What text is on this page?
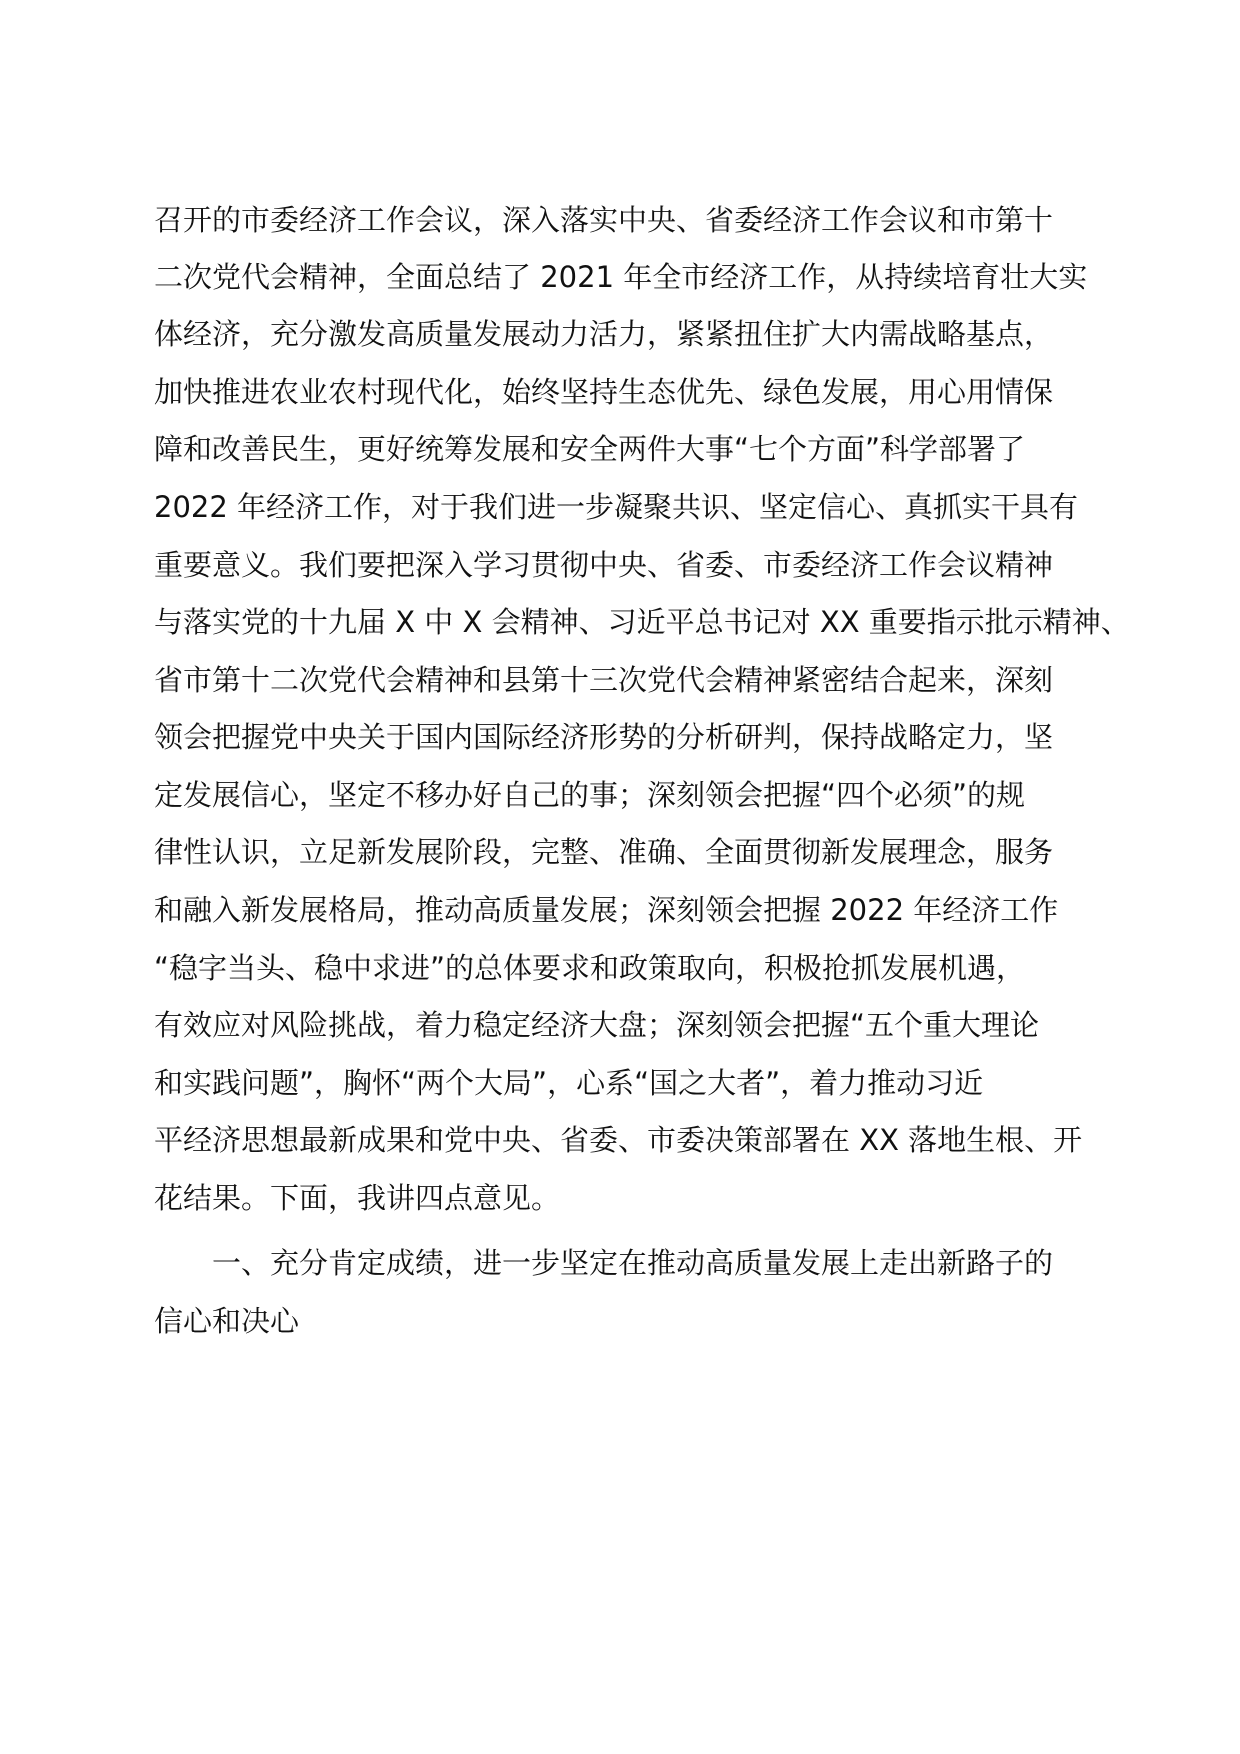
召开的市委经济工作会议，深入落实中央、省委经济工作会议和市第十
二次党代会精神，全面总结了 2021 年全市经济工作，从持续培育壮大实
体经济，充分激发高质量发展动力活力，紧紧扭住扩大内需战略基点，
加快推进农业农村现代化，始终坚持生态优先、绿色发展，用心用情保
障和改善民生，更好统筹发展和安全两件大事“七个方面”科学部署了
2022 年经济工作，对于我们进一步凝聚共识、坚定信心、真抓实干具有
重要意义。我们要把深入学习贯彻中央、省委、市委经济工作会议精神
与落实党的十九届 X 中 X 会精神、习近平总书记对 XX 重要指示批示精神、
省市第十二次党代会精神和县第十三次党代会精神紧密结合起来，深刻
领会把握党中央关于国内国际经济形势的分析研判，保持战略定力，坚
定发展信心，坚定不移办好自己的事；深刻领会把握“四个必须”的规
律性认识，立足新发展阶段，完整、准确、全面贯彻新发展理念，服务
和融入新发展格局，推动高质量发展；深刻领会把握 2022 年经济工作
“稳字当头、稳中求进”的总体要求和政策取向，积极抢抓发展机遇，
有效应对风险挑战，着力稳定经济大盘；深刻领会把握“五个重大理论
和实践问题”，胸怀“两个大局”，心系“国之大者”，着力推动习近
平经济思想最新成果和党中央、省委、市委决策部署在 XX 落地生根、开
花结果。下面，我讲四点意见。
一、充分肯定成绩，进一步坚定在推动高质量发展上走出新路子的
信心和决心
